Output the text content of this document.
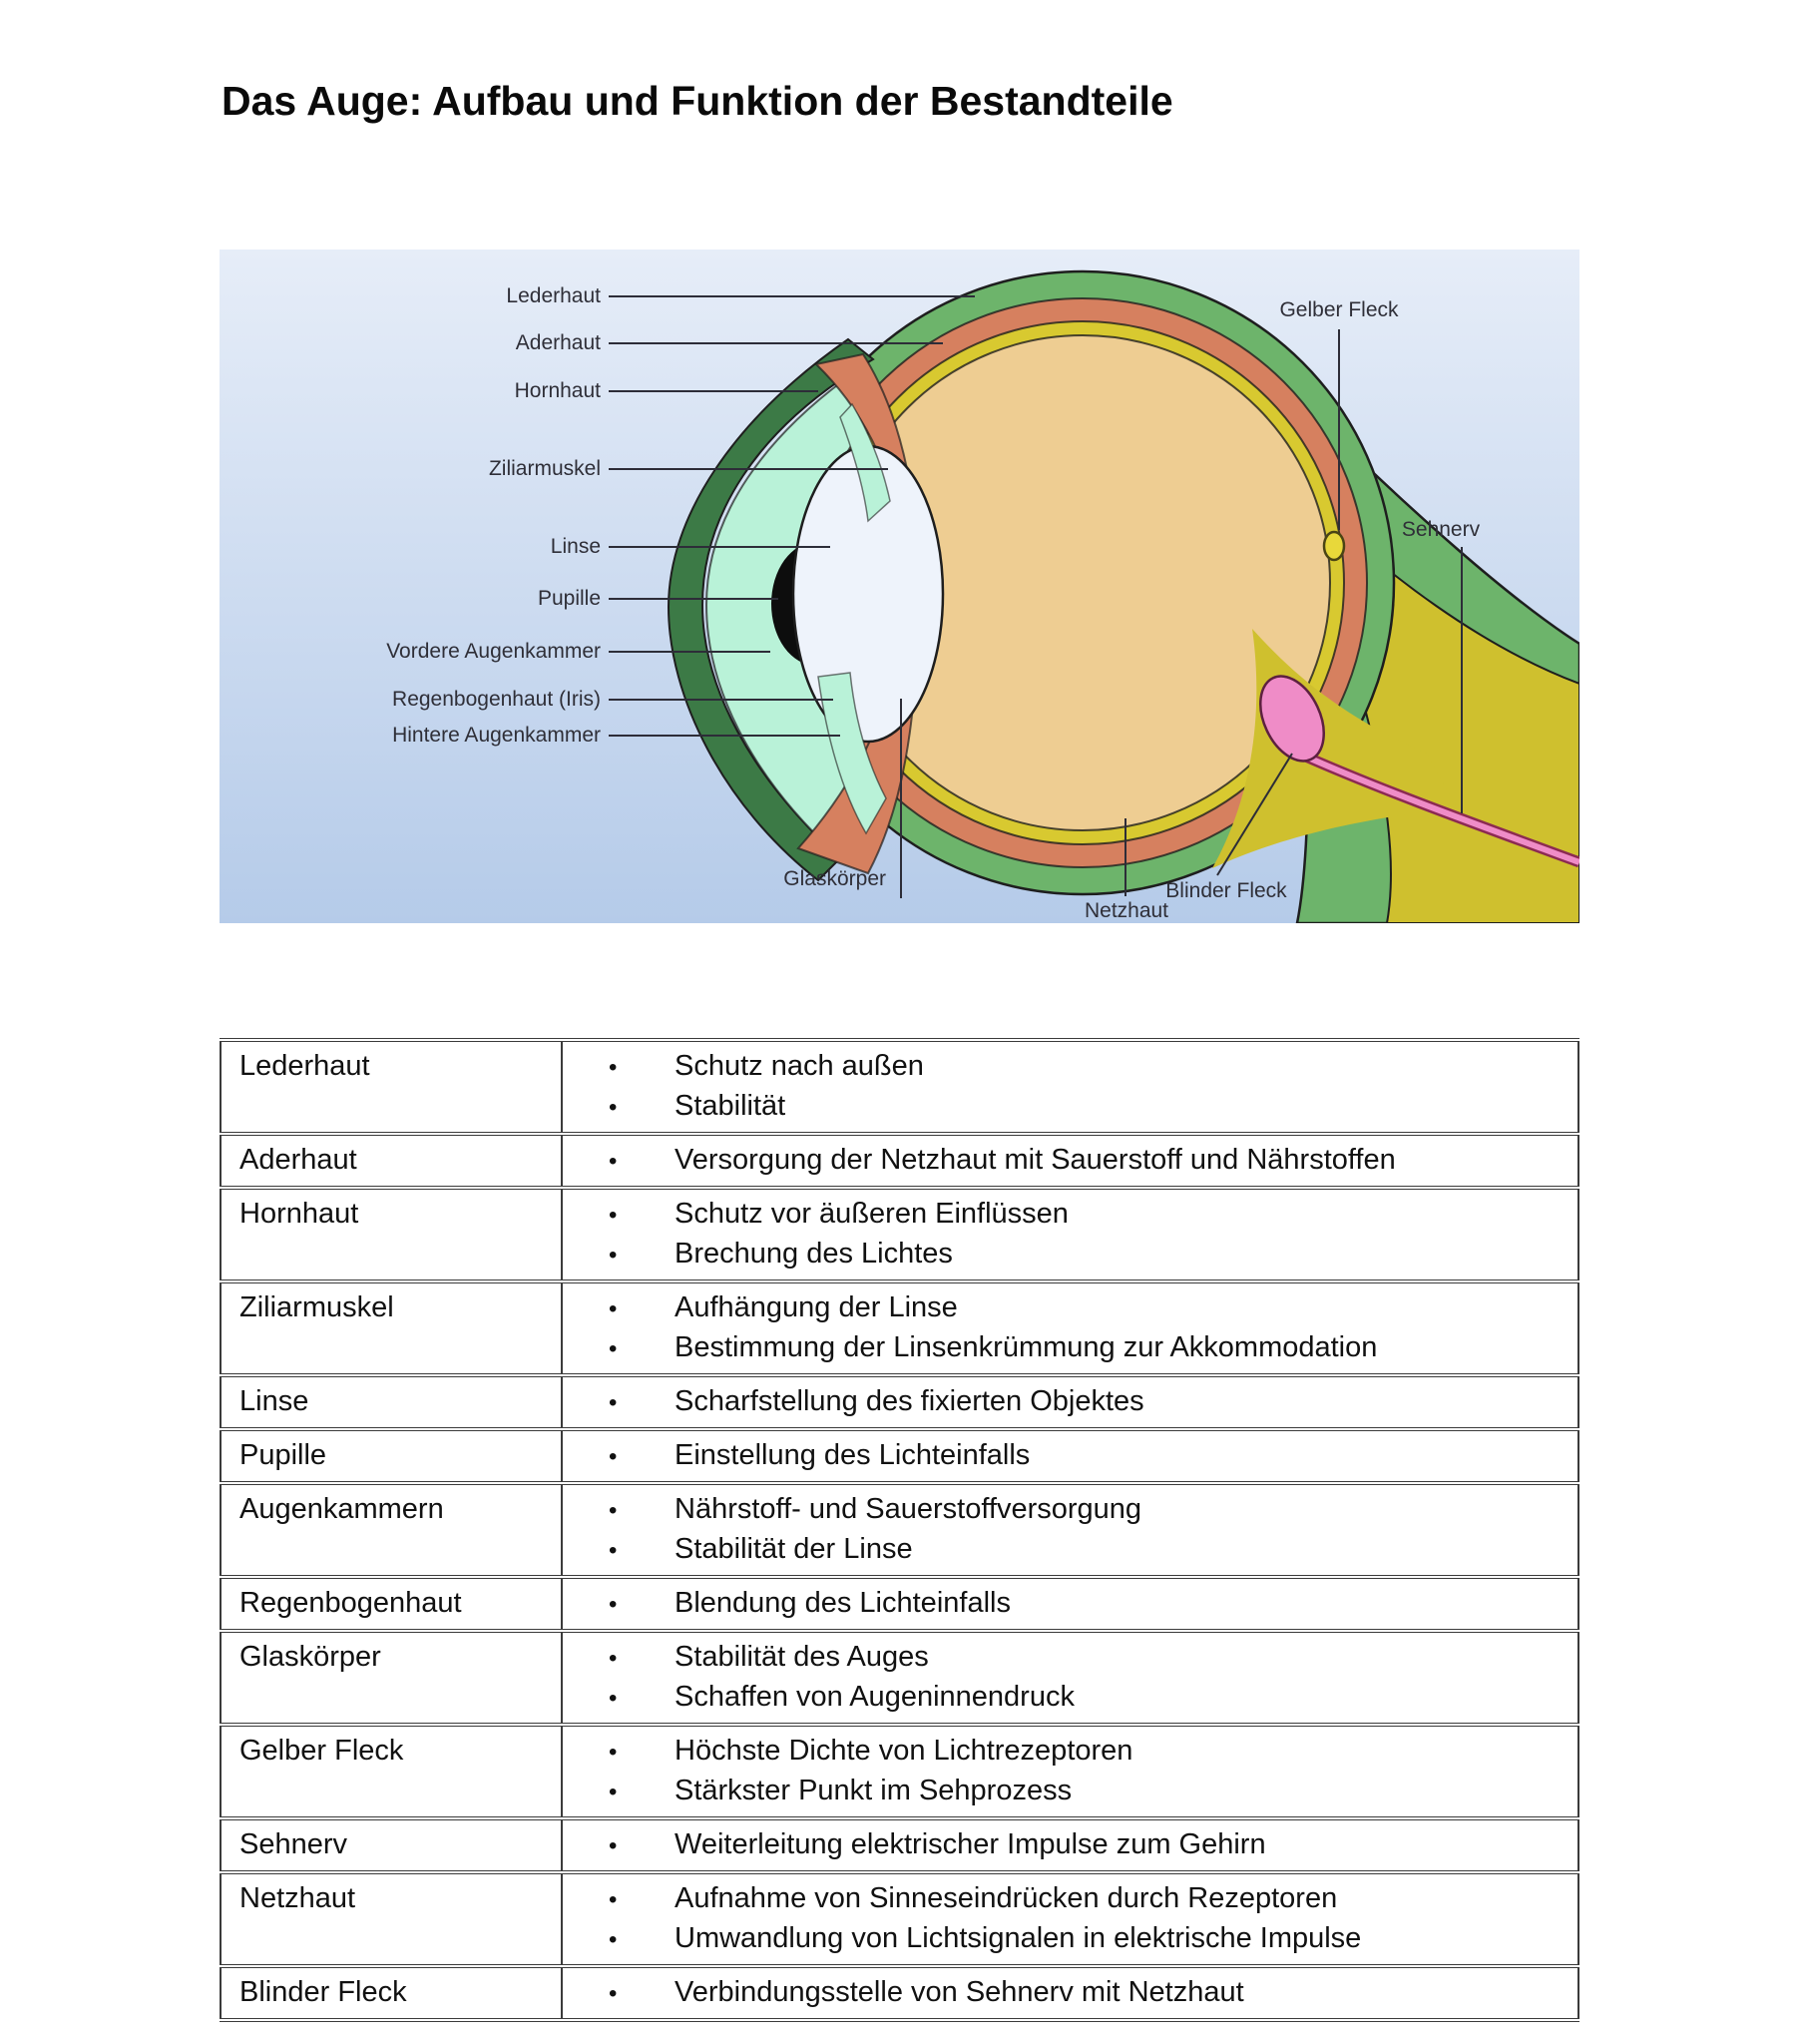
Das Auge: Aufbau und Funktion der Bestandteile
Lederhaut
Aderhaut
Hornhaut
Ziliarmuskel
Linse
Pupille
Vordere Augenkammer
Regenbogenhaut (Iris)
Hintere Augenkammer
Gelber Fleck
Sehnerv
Glaskörper
Netzhaut
Blinder Fleck
Lederhaut	• Schutz nach außen
• Stabilität

Aderhaut	• Versorgung der Netzhaut mit Sauerstoff und Nährstoffen

Hornhaut	• Schutz vor äußeren Einflüssen
• Brechung des Lichtes

Ziliarmuskel	• Aufhängung der Linse
• Bestimmung der Linsenkrümmung zur Akkommodation

Linse	• Scharfstellung des fixierten Objektes

Pupille	• Einstellung des Lichteinfalls

Augenkammern	• Nährstoff- und Sauerstoffversorgung
• Stabilität der Linse

Regenbogenhaut	• Blendung des Lichteinfalls

Glaskörper	• Stabilität des Auges
• Schaffen von Augeninnendruck

Gelber Fleck	• Höchste Dichte von Lichtrezeptoren
• Stärkster Punkt im Sehprozess

Sehnerv	• Weiterleitung elektrischer Impulse zum Gehirn

Netzhaut	• Aufnahme von Sinneseindrücken durch Rezeptoren
• Umwandlung von Lichtsignalen in elektrische Impulse

Blinder Fleck	• Verbindungsstelle von Sehnerv mit Netzhaut
